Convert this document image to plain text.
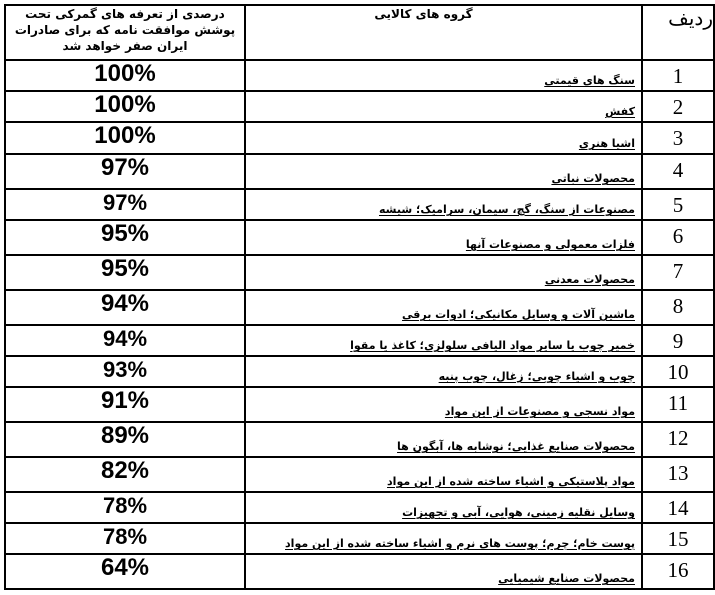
درصدی از تعرفه های گمرکی تحت
پوشش موافقت نامه که برای صادرات
ایران صفر خواهد شد	گروه های کالایی	ردیف
100%	سنگ های قیمتی	1
100%	کفش	2
100%	اشیا هنری	3
97%	محصولات نباتی	4
97%	مصنوعات از سنگ، گچ، سیمان، سرامیک؛ شیشه	5
95%	فلزات معمولی و مصنوعات آنها	6
95%	محصولات معدنی	7
94%	ماشین آلات و وسایل مکانیکی؛ ادوات برقی	8
94%	خمیر چوب یا سایر مواد الیافی سلولزی؛ کاغذ یا مقوا	9
93%	چوب و اشیاء چوبی؛ زغال، چوب پنبه	10
91%	مواد نسجی و مصنوعات از این مواد	11
89%	محصولات صنایع غذایی؛ نوشابه ها، آبگون ها	12
82%	مواد پلاستیکی و اشیاء ساخته شده از این مواد	13
78%	وسایل نقلیه زمینی، هوایی، آبی و تجهیزات	14
78%	پوست خام؛ چرم؛ پوست های نرم و اشیاء ساخته شده از این مواد	15
64%	محصولات صنایع شیمیایی	16
